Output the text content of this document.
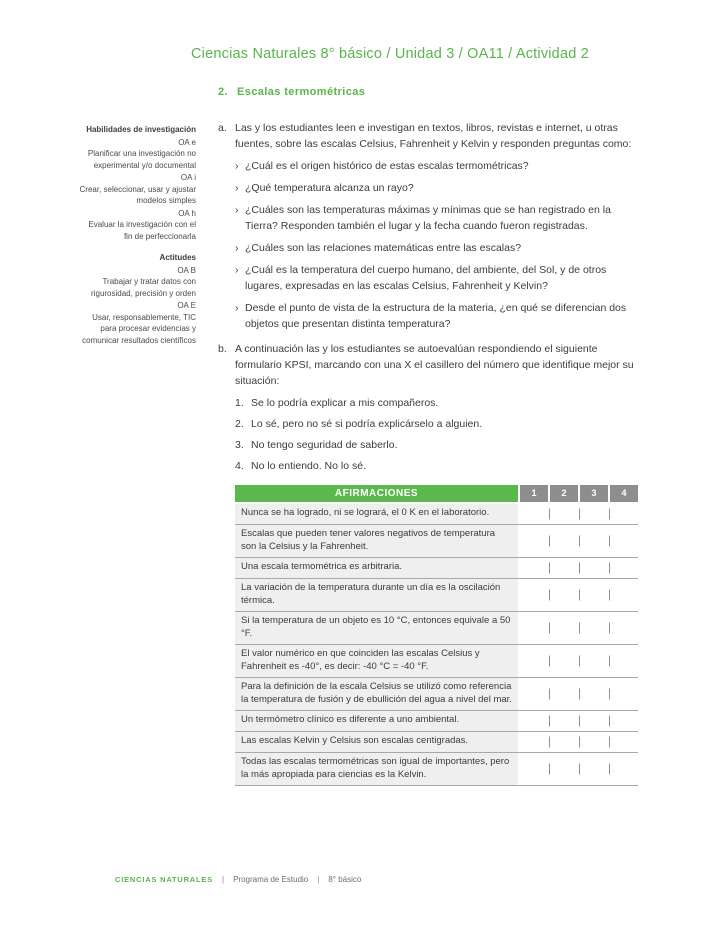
Ciencias Naturales 8° básico / Unidad 3 / OA11 / Actividad 2
2. Escalas termométricas
Habilidades de investigación
OA e
Planificar una investigación no experimental y/o documental
OA i
Crear, seleccionar, usar y ajustar modelos simples
OA h
Evaluar la investigación con el fin de perfeccionarla
Actitudes
OA B
Trabajar y tratar datos con rigurosidad, precisión y orden
OA E
Usar, responsablemente, TIC para procesar evidencias y comunicar resultados científicos
a. Las y los estudiantes leen e investigan en textos, libros, revistas e internet, u otras fuentes, sobre las escalas Celsius, Fahrenheit y Kelvin y responden preguntas como:
› ¿Cuál es el origen histórico de estas escalas termométricas?
› ¿Qué temperatura alcanza un rayo?
› ¿Cuáles son las temperaturas máximas y mínimas que se han registrado en la Tierra? Responden también el lugar y la fecha cuando fueron registradas.
› ¿Cuáles son las relaciones matemáticas entre las escalas?
› ¿Cuál es la temperatura del cuerpo humano, del ambiente, del Sol, y de otros lugares, expresadas en las escalas Celsius, Fahrenheit y Kelvin?
› Desde el punto de vista de la estructura de la materia, ¿en qué se diferencian dos objetos que presentan distinta temperatura?
b. A continuación las y los estudiantes se autoevalúan respondiendo el siguiente formulario KPSI, marcando con una X el casillero del número que identifique mejor su situación:
1. Se lo podría explicar a mis compañeros.
2. Lo sé, pero no sé si podría explicárselo a alguien.
3. No tengo seguridad de saberlo.
4. No lo entiendo. No lo sé.
AFIRMACIONES	1	2	3	4
Nunca se ha logrado, ni se logrará, el 0 K en el laboratorio.
Escalas que pueden tener valores negativos de temperatura son la Celsius y la Fahrenheit.
Una escala termométrica es arbitraria.
La variación de la temperatura durante un día es la oscilación térmica.
Si la temperatura de un objeto es 10 °C, entonces equivale a 50 °F.
El valor numérico en que coinciden las escalas Celsius y Fahrenheit es -40°, es decir: -40 °C = -40 °F.
Para la definición de la escala Celsius se utilizó como referencia la temperatura de fusión y de ebullición del agua a nivel del mar.
Un termómetro clínico es diferente a uno ambiental.
Las escalas Kelvin y Celsius son escalas centigradas.
Todas las escalas termométricas son igual de importantes, pero la más apropiada para ciencias es la Kelvin.
CIENCIAS NATURALES | Programa de Estudio | 8° básico
